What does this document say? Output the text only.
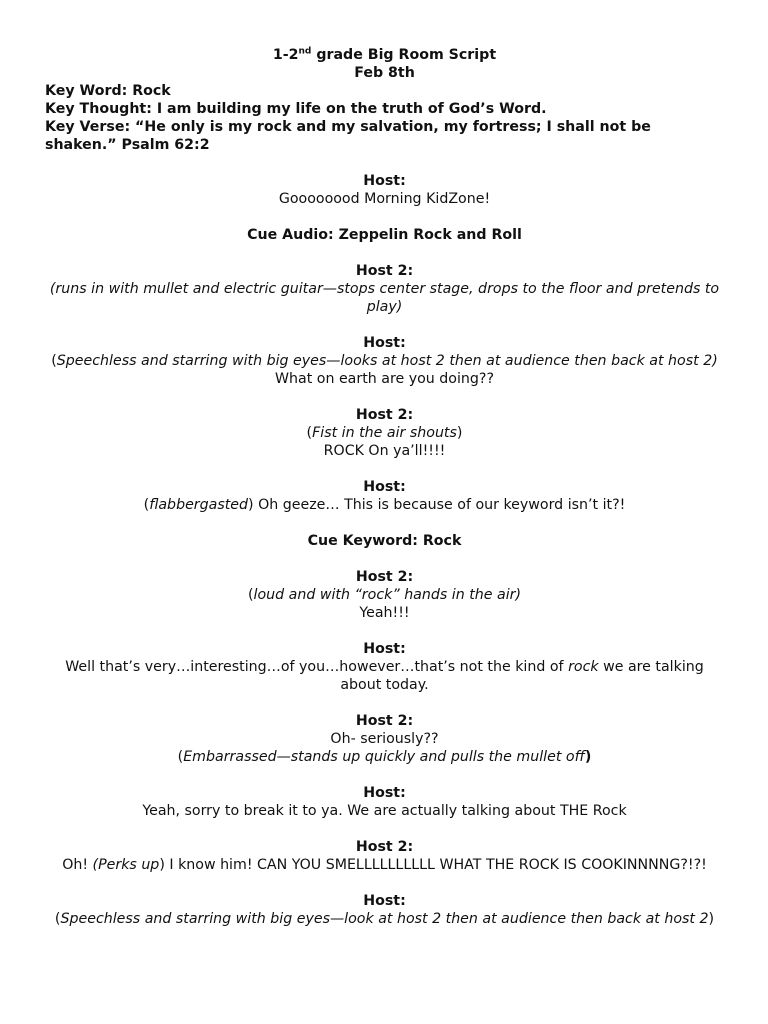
1-2nd grade Big Room Script
Feb 8th
Key Word: Rock
Key Thought: I am building my life on the truth of God’s Word.
Key Verse: “He only is my rock and my salvation, my fortress; I shall not be shaken.” Psalm 62:2
Host:
Goooooood Morning KidZone!
Cue Audio: Zeppelin Rock and Roll
Host 2:
(runs in with mullet and electric guitar—stops center stage, drops to the floor and pretends to play)
Host:
(Speechless and starring with big eyes—looks at host 2 then at audience then back at host 2)
What on earth are you doing??
Host 2:
(Fist in the air shouts)
ROCK On ya’ll!!!!
Host:
(flabbergasted) Oh geeze… This is because of our keyword isn’t it?!
Cue Keyword: Rock
Host 2:
(loud and with “rock” hands in the air)
Yeah!!!
Host:
Well that’s very…interesting…of you…however…that’s not the kind of rock we are talking about today.
Host 2:
Oh- seriously??
(Embarrassed—stands up quickly and pulls the mullet off)
Host:
Yeah, sorry to break it to ya. We are actually talking about THE Rock
Host 2:
Oh! (Perks up) I know him! CAN YOU SMELLLLLLLLLL WHAT THE ROCK IS COOKINNNNG?!?!
Host:
(Speechless and starring with big eyes—look at host 2 then at audience then back at host 2)
